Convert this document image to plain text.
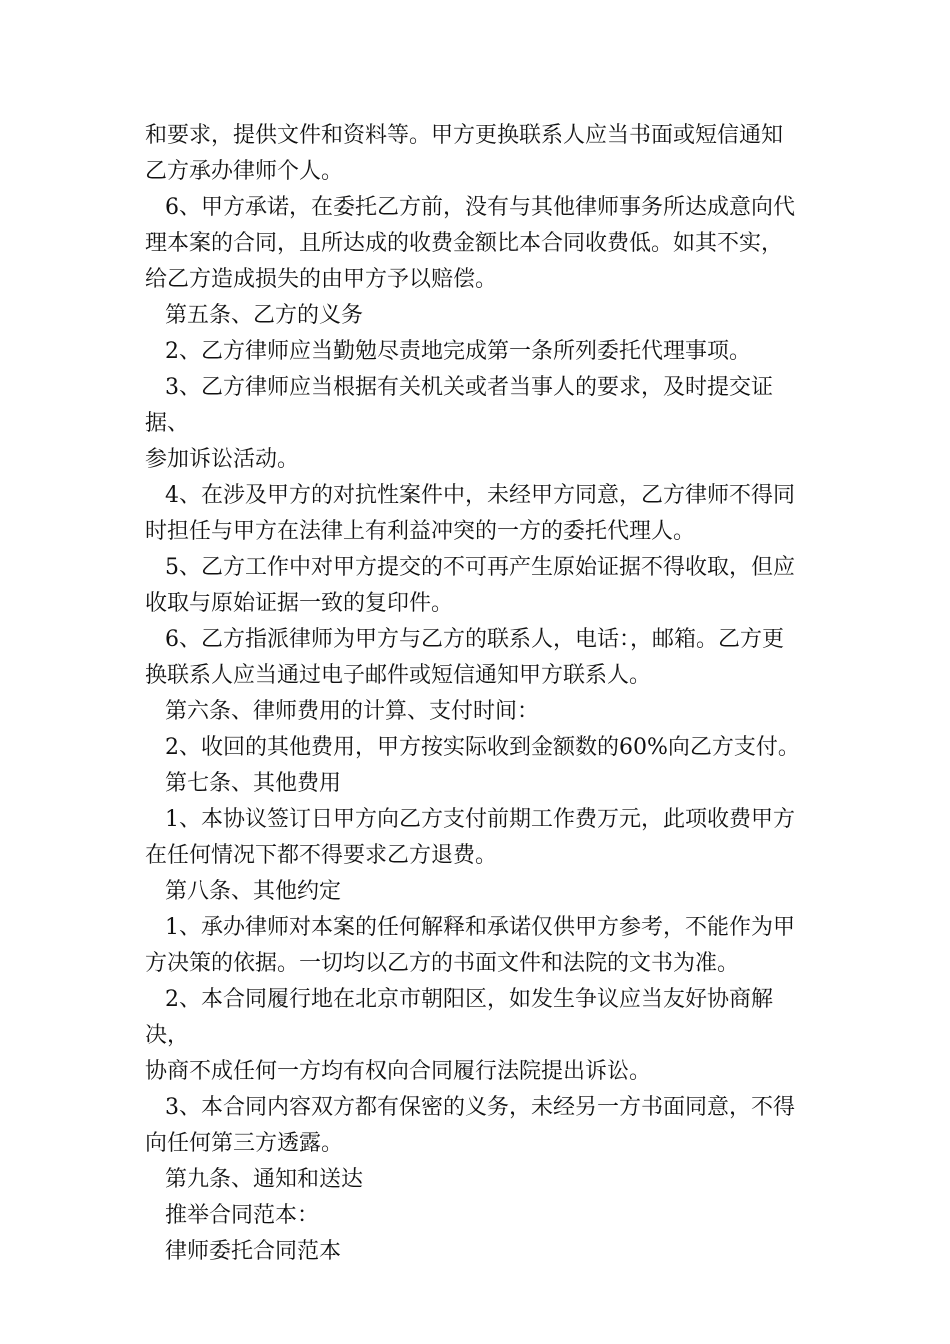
和要求，提供文件和资料等。甲方更换联系人应当书面或短信通知
乙方承办律师个人。
6、甲方承诺，在委托乙方前，没有与其他律师事务所达成意向代
理本案的合同，且所达成的收费金额比本合同收费低。如其不实，
给乙方造成损失的由甲方予以赔偿。
第五条、乙方的义务
2、乙方律师应当勤勉尽责地完成第一条所列委托代理事项。
3、乙方律师应当根据有关机关或者当事人的要求，及时提交证据、
参加诉讼活动。
4、在涉及甲方的对抗性案件中，未经甲方同意，乙方律师不得同
时担任与甲方在法律上有利益冲突的一方的委托代理人。
5、乙方工作中对甲方提交的不可再产生原始证据不得收取，但应
收取与原始证据一致的复印件。
6、乙方指派律师为甲方与乙方的联系人，电话：，邮箱。乙方更
换联系人应当通过电子邮件或短信通知甲方联系人。
第六条、律师费用的计算、支付时间：
2、收回的其他费用，甲方按实际收到金额数的60%向乙方支付。
第七条、其他费用
1、本协议签订日甲方向乙方支付前期工作费万元，此项收费甲方
在任何情况下都不得要求乙方退费。
第八条、其他约定
1、承办律师对本案的任何解释和承诺仅供甲方参考，不能作为甲
方决策的依据。一切均以乙方的书面文件和法院的文书为准。
2、本合同履行地在北京市朝阳区，如发生争议应当友好协商解决，
协商不成任何一方均有权向合同履行法院提出诉讼。
3、本合同内容双方都有保密的义务，未经另一方书面同意，不得
向任何第三方透露。
第九条、通知和送达
推举合同范本：
律师委托合同范本
